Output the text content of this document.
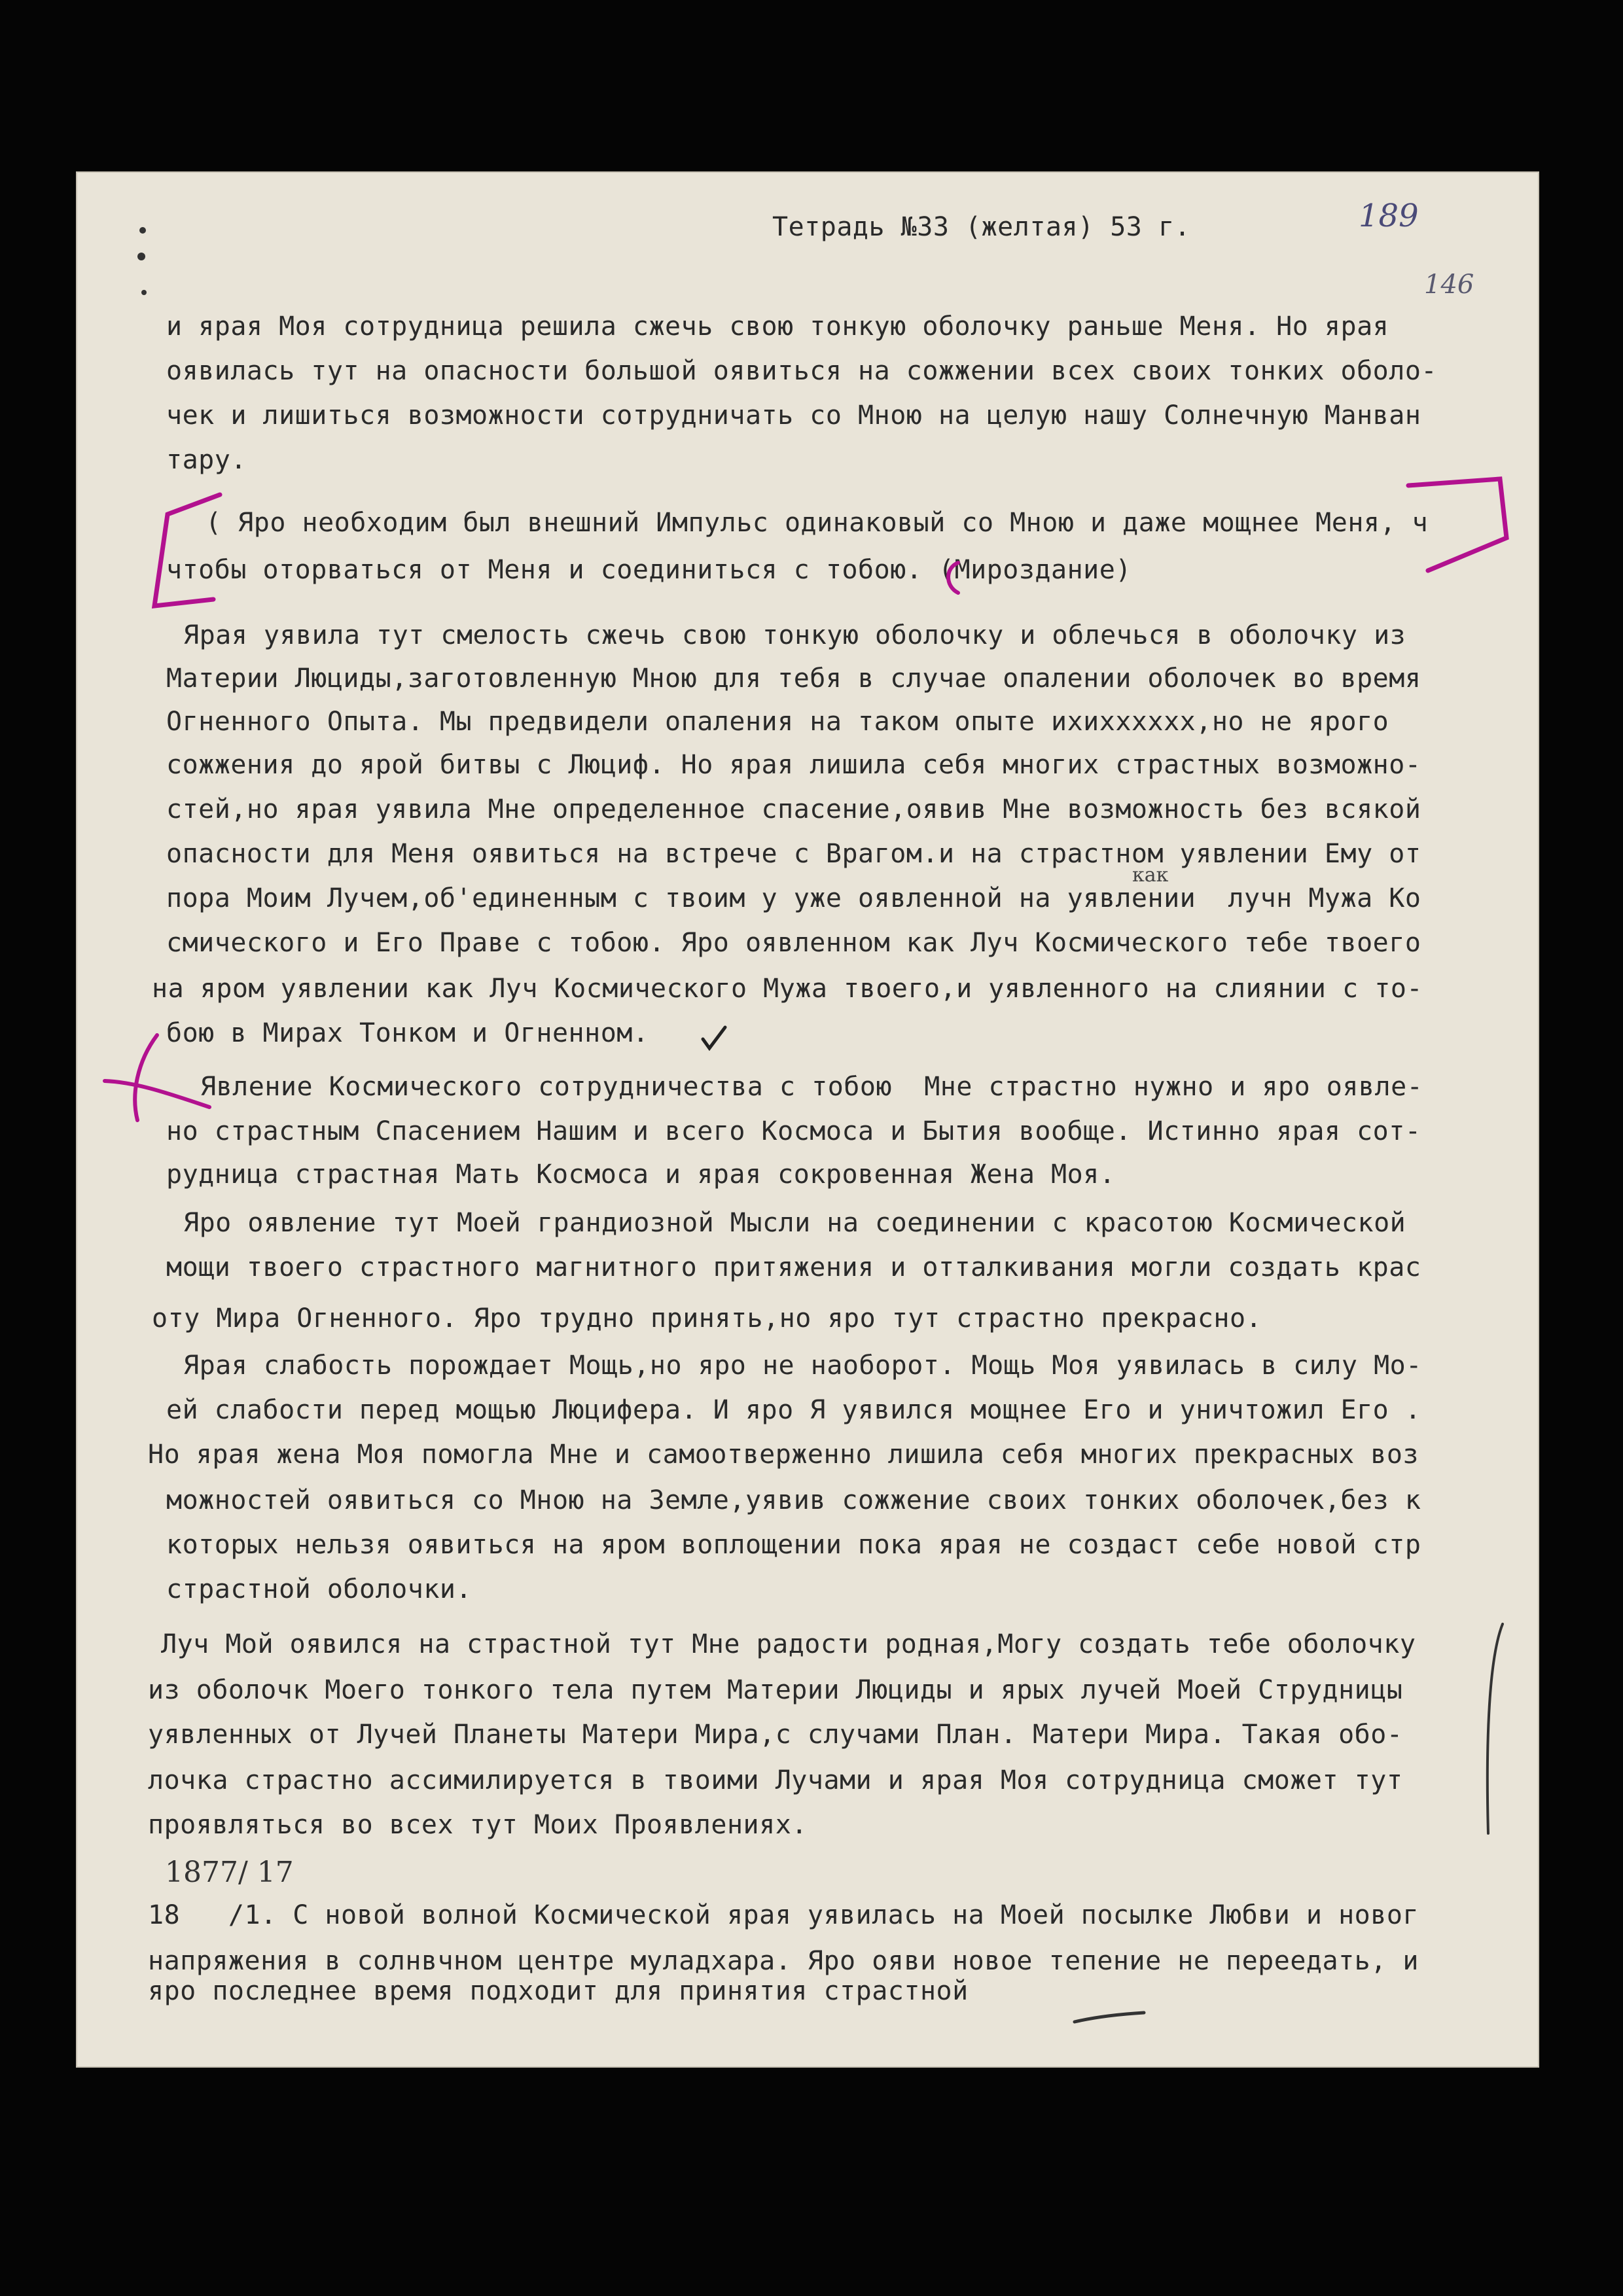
Тетрадь №33 (желтая) 53 г.	189
146
и ярая Моя сотрудница решила сжечь свою тонкую оболочку раньше Меня. Но ярая
оявилась тут на опасности большой оявиться на сожжении всех своих тонких оболо-
чек и лишиться возможности сотрудничать со Мною на целую нашу Солнечную Манван
тару.
( Яро необходим был внешний Импульс одинаковый со Мною и даже мощнее Меня, ч
чтобы оторваться от Меня и соединиться с тобою. (Мироздание)
Ярая уявила тут смелость сжечь свою тонкую оболочку и облечься в оболочку из
Материи Люциды,заготовленную Мною для тебя в случае опалении оболочек во время
Огненного Опыта. Мы предвидели опаления на таком опыте ихихххххх,но не ярого
сожжения до ярой битвы с Люциф. Но ярая лишила себя многих страстных возможно-
стей,но ярая уявила Мне определенное спасение,оявив Мне возможность без всякой
опасности для Меня оявиться на встрече с Врагом.и на страстном уявлении Ему от
пора Моим Лучем,об'единенным с твоим у уже оявленной на уявлении  лучн Мужа Ко
как
смического и Его Праве с тобою. Яро оявленном как Луч Космического тебе твоего
на яром уявлении как Луч Космического Мужа твоего,и уявленного на слиянии с то-
бою в Мирах Тонком и Огненном.
Явление Космического сотрудничества с тобою  Мне страстно нужно и яро оявле-
но страстным Спасением Нашим и всего Космоса и Бытия вообще. Истинно ярая сот-
рудница страстная Мать Космоса и ярая сокровенная Жена Моя.
Яро оявление тут Моей грандиозной Мысли на соединении с красотою Космической
мощи твоего страстного магнитного притяжения и отталкивания могли создать крас
оту Мира Огненного. Яро трудно принять,но яро тут страстно прекрасно.
Ярая слабость порождает Мощь,но яро не наоборот. Мощь Моя уявилась в силу Мо-
ей слабости перед мощью Люцифера. И яро Я уявился мощнее Его и уничтожил Его .
Но ярая жена Моя помогла Мне и самоотверженно лишила себя многих прекрасных воз
можностей оявиться со Мною на Земле,уявив сожжение своих тонких оболочек,без к
которых нельзя оявиться на яром воплощении пока ярая не создаст себе новой стр
страстной оболочки.
Луч Мой оявился на страстной тут Мне радости родная,Могу создать тебе оболочку
из оболочк Моего тонкого тела путем Материи Люциды и ярых лучей Моей Струдницы
уявленных от Лучей Планеты Матери Мира,с случами План. Матери Мира. Такая обо-
лочка страстно ассимилируется в твоими Лучами и ярая Моя сотрудница сможет тут
проявляться во всех тут Моих Проявлениях.
1877/ 17
18   /1. С новой волной Космической ярая уявилась на Моей посылке Любви и новог
напряжения в солнвчном центре муладхара. Яро ояви новое тепение не переедать, и
яро последнее время подходит для принятия страстной
